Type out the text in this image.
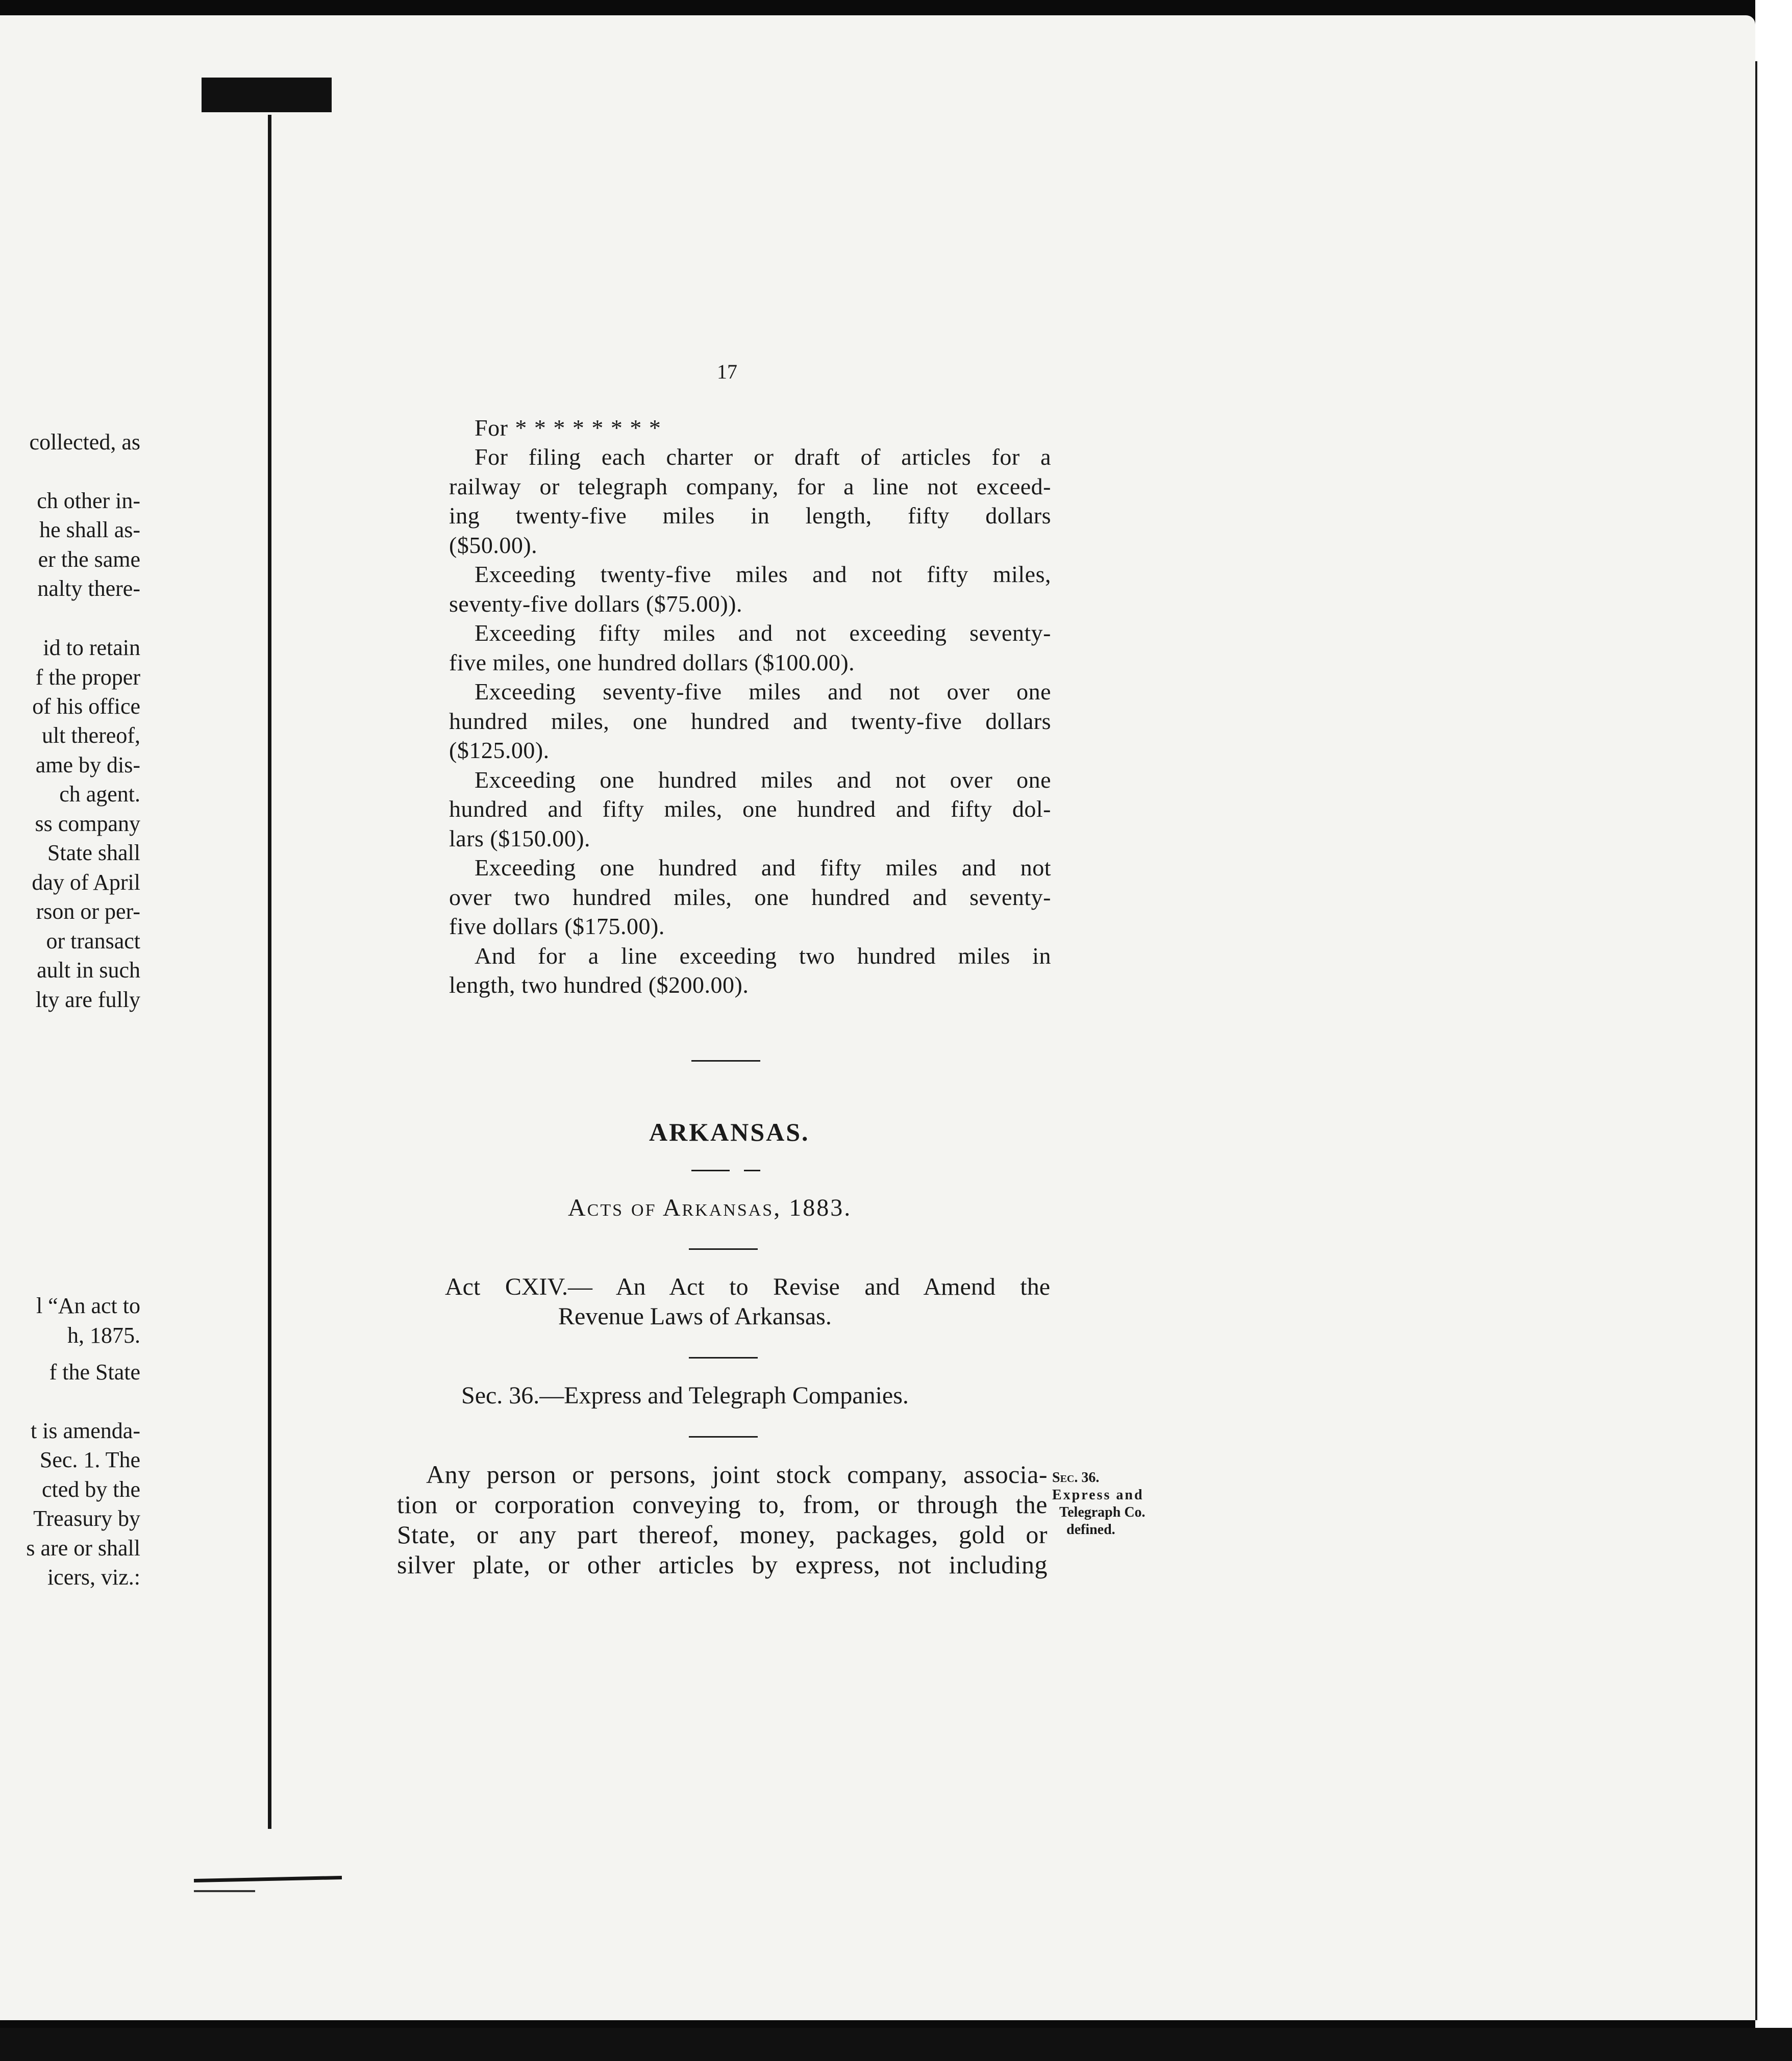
collected, as
ch other in-
he shall as-
er the same
nalty there-
id to retain
f the proper
of his office
ult thereof,
ame by dis-
ch agent.
ss company
State shall
day of April
rson or per-
or transact
ault in such
lty are fully
l “An act to
h, 1875.
f the State
t is amenda-
Sec. 1. The
cted by the
Treasury by
s are or shall
icers, viz.:
17
For * * * * * * * *
For filing each charter or draft of articles for a
railway or telegraph company, for a line not exceed-
ing twenty-five miles in length, fifty dollars
($50.00).
Exceeding twenty-five miles and not fifty miles,
seventy-five dollars ($75.00)).
Exceeding fifty miles and not exceeding seventy-
five miles, one hundred dollars ($100.00).
Exceeding seventy-five miles and not over one
hundred miles, one hundred and twenty-five dollars
($125.00).
Exceeding one hundred miles and not over one
hundred and fifty miles, one hundred and fifty dol-
lars ($150.00).
Exceeding one hundred and fifty miles and not
over two hundred miles, one hundred and seventy-
five dollars ($175.00).
And for a line exceeding two hundred miles in
length, two hundred ($200.00).
ARKANSAS.
Acts of Arkansas, 1883.
Act CXIV.— An Act to Revise and Amend the
Revenue Laws of Arkansas.
Sec. 36.—Express and Telegraph Companies.
Any person or persons, joint stock company, associa-
tion or corporation conveying to, from, or through the
State, or any part thereof, money, packages, gold or
silver plate, or other articles by express, not including
Sec. 36.
Express and
Telegraph Co.
defined.
